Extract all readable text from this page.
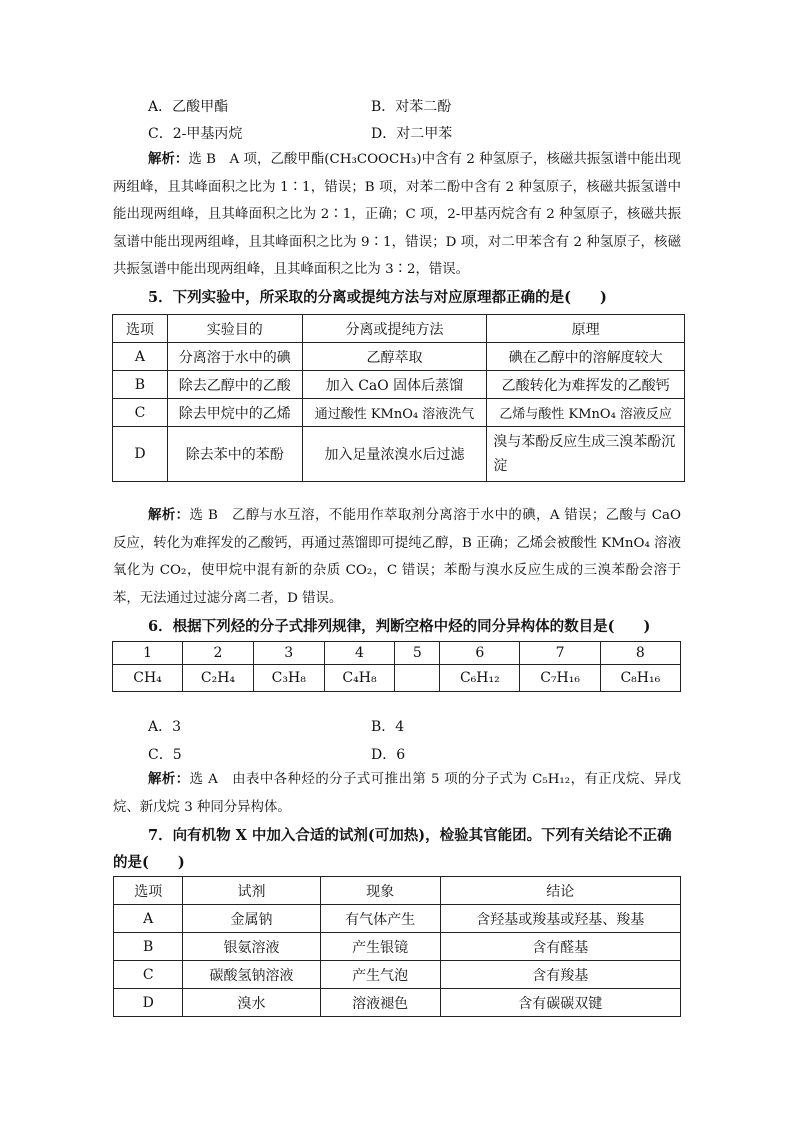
A．乙酸甲酯	B．对苯二酚
C．2-甲基丙烷	D．对二甲苯
解析：选 B　A 项，乙酸甲酯(CH₃COOCH₃)中含有 2 种氢原子，核磁共振氢谱中能出现两组峰，且其峰面积之比为 1∶1，错误；B 项，对苯二酚中含有 2 种氢原子，核磁共振氢谱中能出现两组峰，且其峰面积之比为 2∶1，正确；C 项，2-甲基丙烷含有 2 种氢原子，核磁共振氢谱中能出现两组峰，且其峰面积之比为 9∶1，错误；D 项，对二甲苯含有 2 种氢原子，核磁共振氢谱中能出现两组峰，且其峰面积之比为 3∶2，错误。
5．下列实验中，所采取的分离或提纯方法与对应原理都正确的是(　　)
选项	实验目的	分离或提纯方法	原理
A	分离溶于水中的碘	乙醇萃取	碘在乙醇中的溶解度较大
B	除去乙醇中的乙酸	加入 CaO 固体后蒸馏	乙酸转化为难挥发的乙酸钙
C	除去甲烷中的乙烯	通过酸性 KMnO₄ 溶液洗气	乙烯与酸性 KMnO₄ 溶液反应
D	除去苯中的苯酚	加入足量浓溴水后过滤	溴与苯酚反应生成三溴苯酚沉淀
解析：选 B　乙醇与水互溶，不能用作萃取剂分离溶于水中的碘，A 错误；乙酸与 CaO 反应，转化为难挥发的乙酸钙，再通过蒸馏即可提纯乙醇，B 正确；乙烯会被酸性 KMnO₄ 溶液氧化为 CO₂，使甲烷中混有新的杂质 CO₂，C 错误；苯酚与溴水反应生成的三溴苯酚会溶于苯，无法通过过滤分离二者，D 错误。
6．根据下列烃的分子式排列规律，判断空格中烃的同分异构体的数目是(　　)
1	2	3	4	5	6	7	8
CH₄	C₂H₄	C₃H₈	C₄H₈		C₆H₁₂	C₇H₁₆	C₈H₁₆
A．3	B．4
C．5	D．6
解析：选 A　由表中各种烃的分子式可推出第 5 项的分子式为 C₅H₁₂，有正戊烷、异戊烷、新戊烷 3 种同分异构体。
7．向有机物 X 中加入合适的试剂(可加热)，检验其官能团。下列有关结论不正确的是(　　)
选项	试剂	现象	结论
A	金属钠	有气体产生	含羟基或羧基或羟基、羧基
B	银氨溶液	产生银镜	含有醛基
C	碳酸氢钠溶液	产生气泡	含有羧基
D	溴水	溶液褪色	含有碳碳双键
